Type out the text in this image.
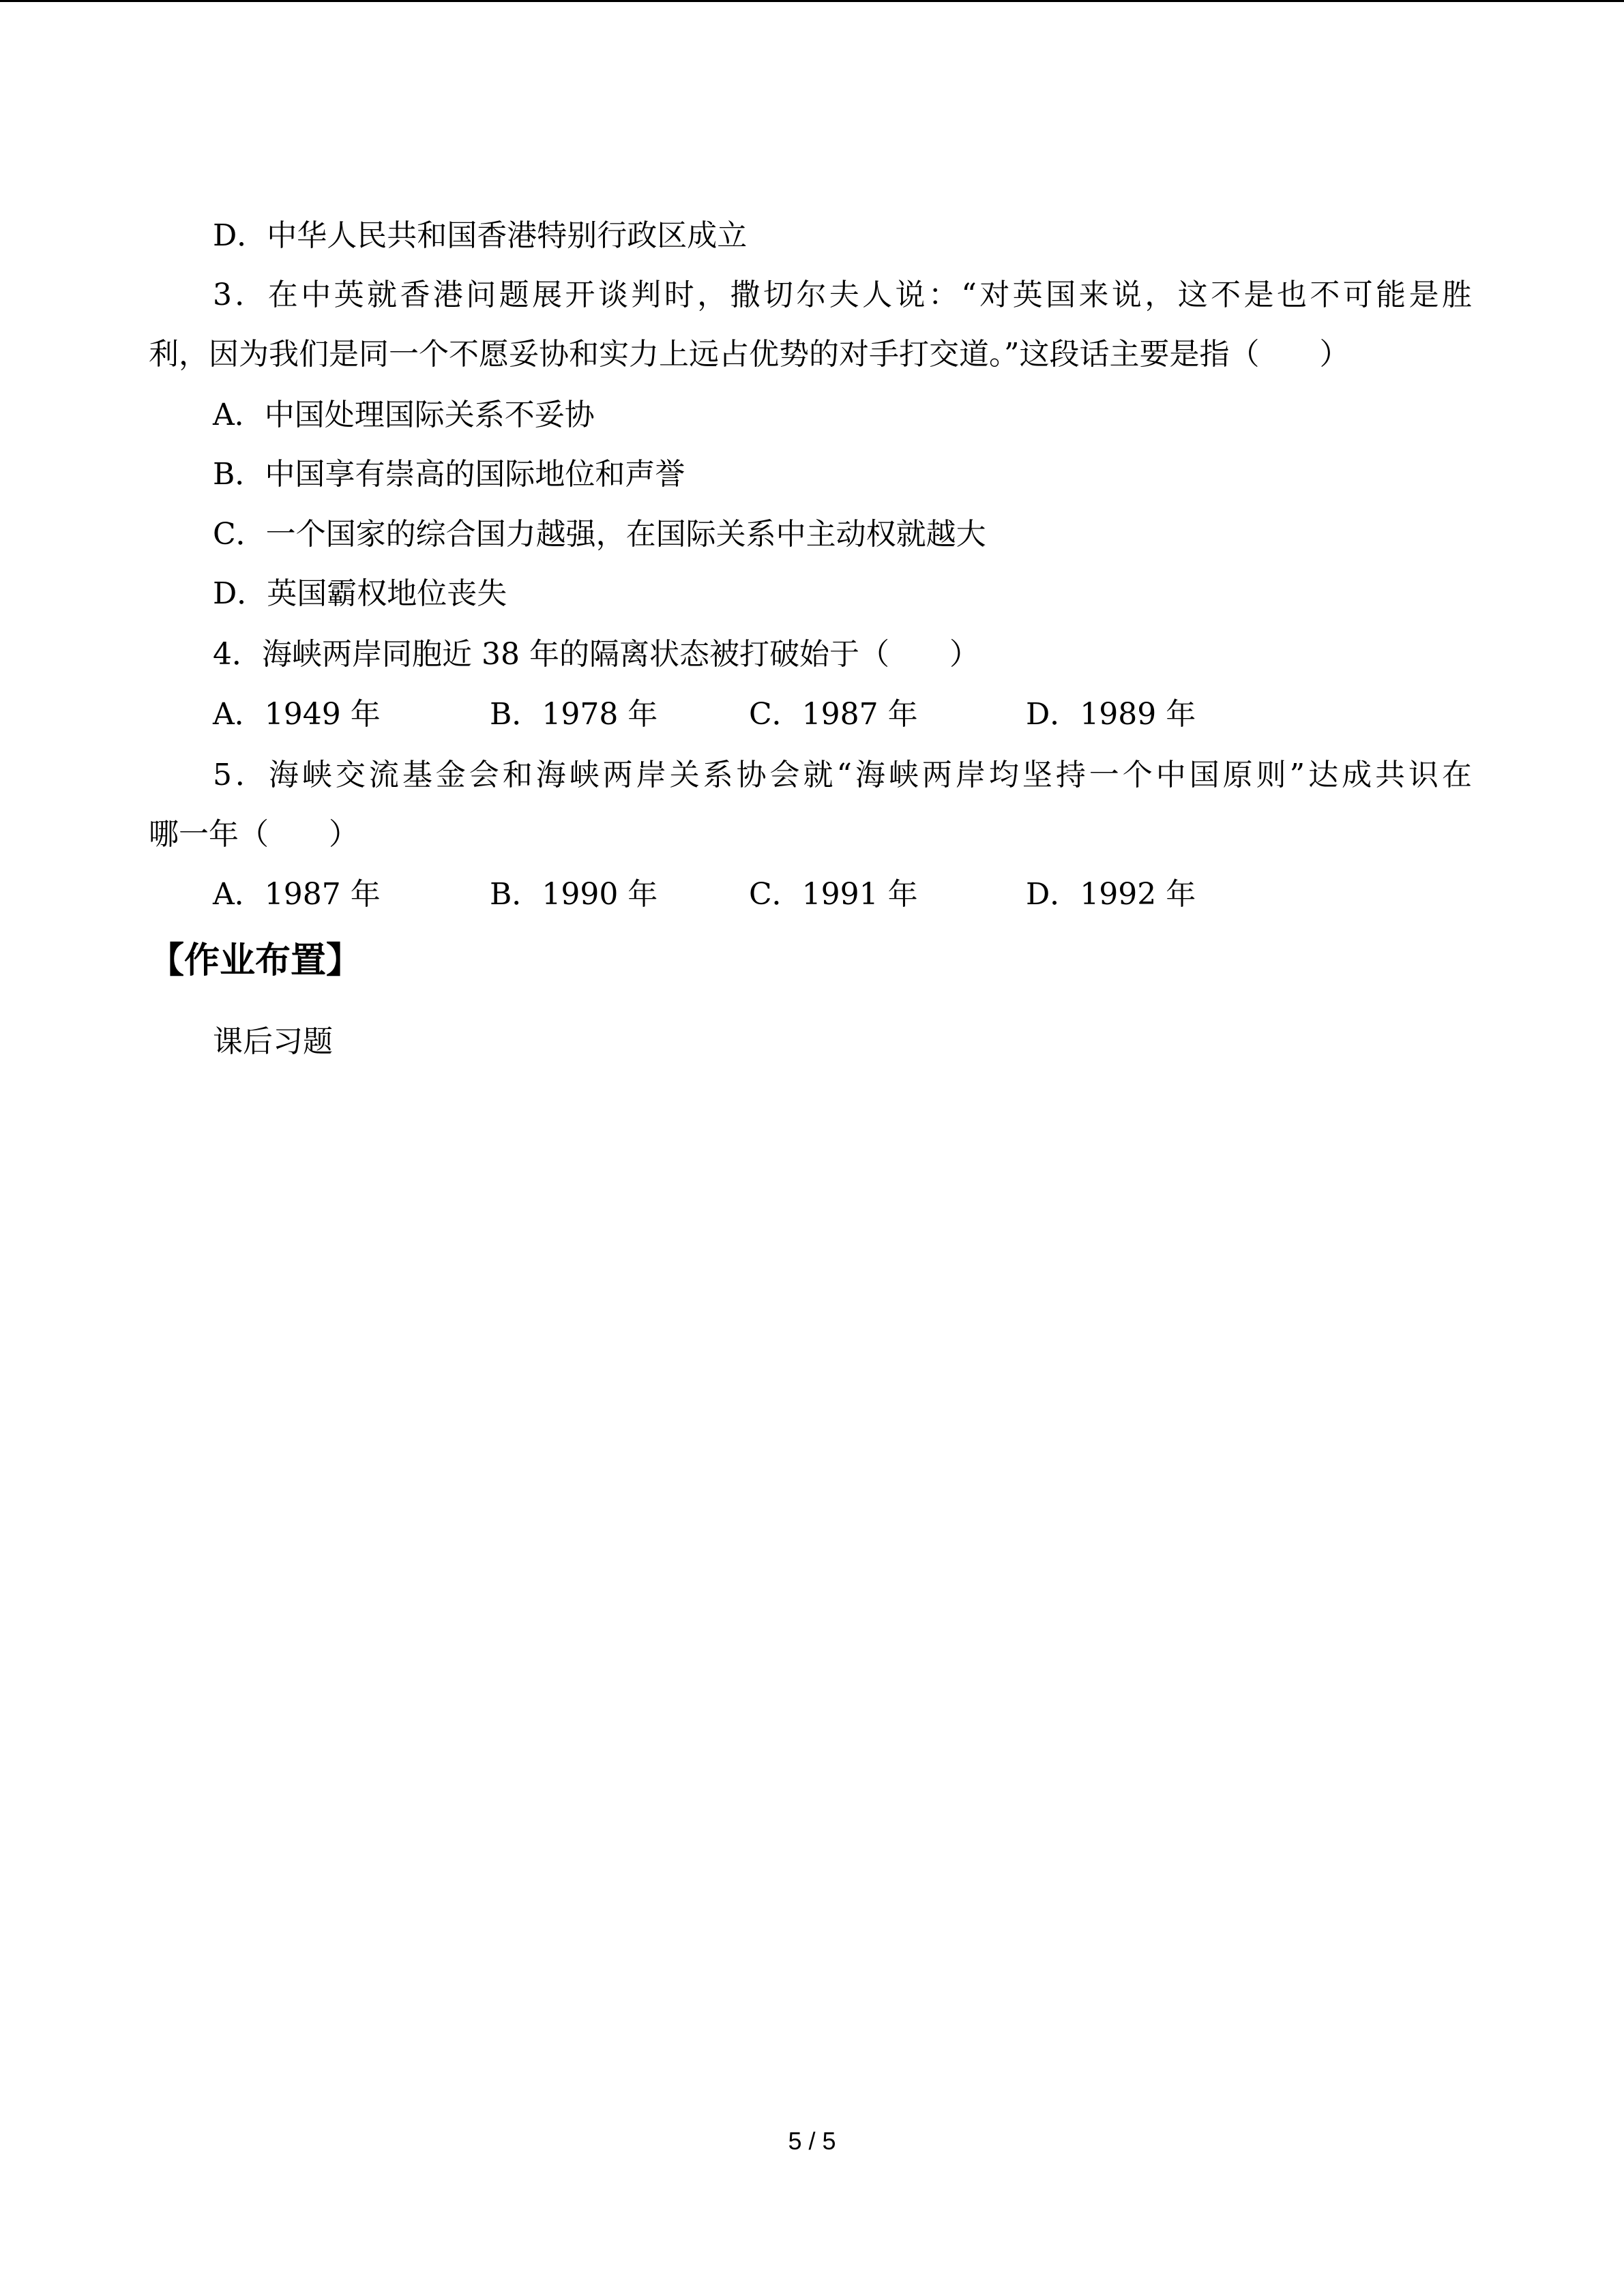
D．中华人民共和国香港特别行政区成立
3．在中英就香港问题展开谈判时，撒切尔夫人说：“对英国来说，这不是也不可能是胜
利，因为我们是同一个不愿妥协和实力上远占优势的对手打交道。”这段话主要是指（　　）
A．中国处理国际关系不妥协
B．中国享有崇高的国际地位和声誉
C．一个国家的综合国力越强，在国际关系中主动权就越大
D．英国霸权地位丧失
4．海峡两岸同胞近 38 年的隔离状态被打破始于（　　）
A．1949 年	B．1978 年	C．1987 年	D．1989 年
5．海峡交流基金会和海峡两岸关系协会就“海峡两岸均坚持一个中国原则”达成共识在
哪一年（　　）
A．1987 年	B．1990 年	C．1991 年	D．1992 年
【作业布置】
课后习题
5 / 5
